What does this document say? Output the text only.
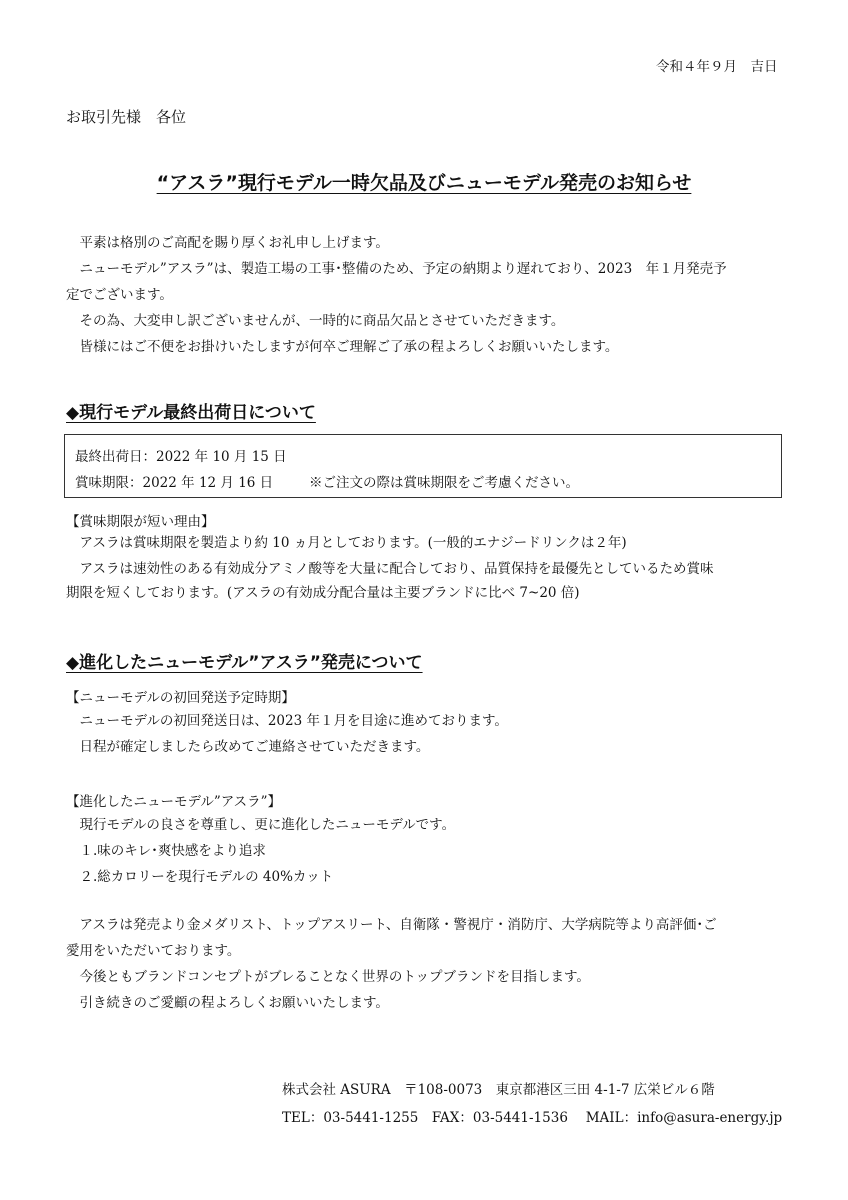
令和４年９月　吉日
お取引先様　各位
“アスラ”現行モデル一時欠品及びニューモデル発売のお知らせ
　平素は格別のご高配を賜り厚くお礼申し上げます。
　ニューモデル”アスラ”は、製造工場の工事･整備のため、予定の納期より遅れており、2023　年１月発売予
定でございます。
　その為、大変申し訳ございませんが、一時的に商品欠品とさせていただきます。
　皆様にはご不便をお掛けいたしますが何卒ご理解ご了承の程よろしくお願いいたします。
◆現行モデル最終出荷日について
最終出荷日：2022 年 10 月 15 日
賞味期限：2022 年 12 月 16 日	※ご注文の際は賞味期限をご考慮ください。
【賞味期限が短い理由】
　アスラは賞味期限を製造より約 10 ヵ月としております。(一般的エナジードリンクは２年)
　アスラは速効性のある有効成分アミノ酸等を大量に配合しており、品質保持を最優先としているため賞味
期限を短くしております。(アスラの有効成分配合量は主要ブランドに比べ 7~20 倍)
◆進化したニューモデル”アスラ”発売について
【ニューモデルの初回発送予定時期】
　ニューモデルの初回発送日は、2023 年１月を目途に進めております。
　日程が確定しましたら改めてご連絡させていただきます。
【進化したニューモデル”アスラ”】
　現行モデルの良さを尊重し、更に進化したニューモデルです。
　１.味のキレ･爽快感をより追求
　２.総カロリーを現行モデルの 40%カット
　アスラは発売より金メダリスト、トップアスリート、自衛隊・警視庁・消防庁、大学病院等より高評価･ご
愛用をいただいております。
　今後ともブランドコンセプトがブレることなく世界のトップブランドを目指します。
　引き続きのご愛顧の程よろしくお願いいたします。
株式会社 ASURA　〒108-0073　東京都港区三田 4-1-7 広栄ビル６階
TEL：03-5441-1255　FAX：03-5441-1536　 MAIL：info@asura-energy.jp
